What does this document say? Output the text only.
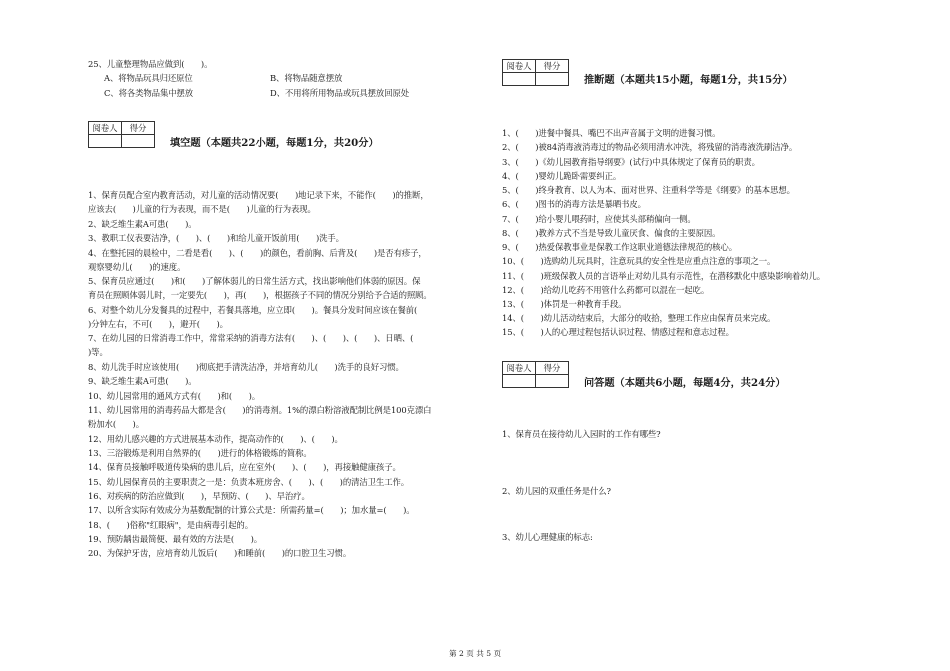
25、儿童整理物品应做到(　　)。
A、将物品玩具归还原位	B、将物品随意摆放
C、将各类物品集中摆放	D、不用将所用物品或玩具摆放回原处
阅卷人	得分

填空题（本题共22小题，每题1分，共20分）
1、保育员配合室内教育活动，对儿童的活动情况要(　　)地记录下来，不能作(　　)的推断，
应该去(　　)儿童的行为表现，而不是(　　)儿童的行为表现。
2、缺乏维生素A可患(　　)。
3、教职工仪表要洁净，(　　)、(　　)和给儿童开饭前用(　　)洗手。
4、在整托园的晨检中，二看是看(　　)、(　　)的颜色，看前胸、后背及(　　)是否有疹子，
观察婴幼儿(　　)的速度。
5、保育员应通过(　　)和(　　)了解体弱儿的日常生活方式，找出影响他们体弱的原因。保
育员在照顾体弱儿时，一定要先(　　)，再(　　)，根据孩子不同的情况分别给予合适的照顾。
6、对整个幼儿分发餐具的过程中，若餐具落地，应立即(　　)。餐具分发时间应该在餐前(　　
)分钟左右，不可(　　)，避开(　　)。
7、在幼儿园的日常消毒工作中，常常采纳的消毒方法有(　　)、(　　)、(　　)、日晒、(　　
)等。
8、幼儿洗手时应该使用(　　)彻底把手清洗洁净，并培育幼儿(　　)洗手的良好习惯。
9、缺乏维生素A可患(　　)。
10、幼儿园常用的通风方式有(　　)和(　　)。
11、幼儿园常用的消毒药品大都是含(　　)的消毒剂。1%的漂白粉溶液配制比例是100克漂白
粉加水(　　)。
12、用幼儿感兴趣的方式进展基本动作，提高动作的(　　)、(　　)。
13、三浴锻炼是利用自然界的(　　)进行的体格锻炼的简称。
14、保育员接触呼吸道传染病的患儿后，应在室外(　　)、(　　)，再接触健康孩子。
15、幼儿园保育员的主要职责之一是：负责本班房舍、(　　)、(　　)的清洁卫生工作。
16、对疾病的防治应做到(　　)，早预防、(　　)、早治疗。
17、以所含实际有效成分为基数配制的计算公式是：所需药量=(　　)；加水量=(　　)。
18、(　　)俗称"红眼病"，是由病毒引起的。
19、预防龋齿最简便、最有效的方法是(　　)。
20、为保护牙齿，应培育幼儿饭后(　　)和睡前(　　)的口腔卫生习惯。
阅卷人	得分

推断题（本题共15小题，每题1分，共15分）
1、(　　)进餐中餐具、嘴巴不出声音属于文明的进餐习惯。
2、(　　)被84消毒液消毒过的物品必须用清水冲洗，将残留的消毒液洗刷洁净。
3、(　　)《幼儿园教育指导纲要》(试行)中具体规定了保育员的职责。
4、(　　)婴幼儿跪卧需要纠正。
5、(　　)终身教育、以人为本、面对世界、注重科学等是《纲要》的基本思想。
6、(　　)图书的消毒方法是暴晒书皮。
7、(　　)给小婴儿喂药时，应使其头部稍偏向一侧。
8、(　　)教养方式不当是导致儿童厌食、偏食的主要原因。
9、(　　)热爱保教事业是保教工作这职业道德法律规范的核心。
10、(　　)选购幼儿玩具时，注意玩具的安全性是应重点注意的事项之一。
11、(　　)班级保教人员的言语举止对幼儿具有示范性，在潜移默化中感染影响着幼儿。
12、(　　)给幼儿吃药不用管什么药都可以混在一起吃。
13、(　　)体罚是一种教育手段。
14、(　　)幼儿活动结束后，大部分的收拾，整理工作应由保育员来完成。
15、(　　)人的心理过程包括认识过程、情感过程和意志过程。
阅卷人	得分

问答题（本题共6小题，每题4分，共24分）
1、保育员在接待幼儿入园时的工作有哪些?
2、幼儿园的双重任务是什么?
3、幼儿心理健康的标志:
第 2 页 共 5 页
